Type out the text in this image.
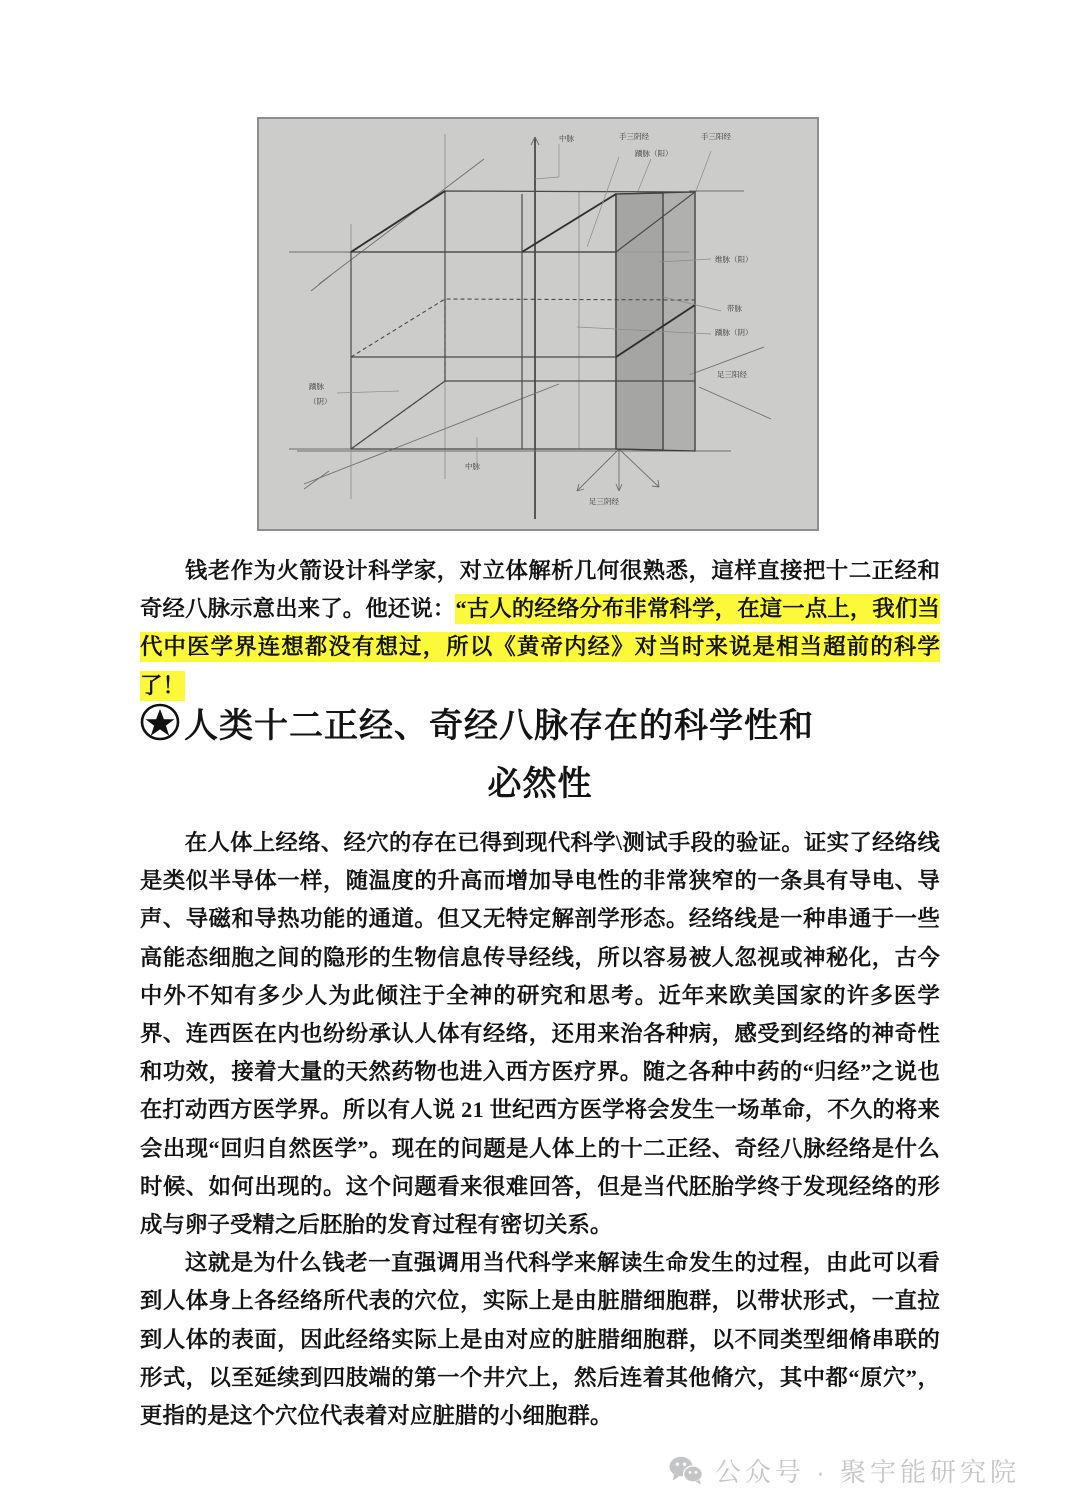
中脉	手三阴经
蹻脉（阳）
手三阳经
维脉（阳）
带脉
蹻脉（阴）
足三阳经
蹻脉
（阴）
中脉
足三阴经

钱老作为火箭设计科学家，对立体解析几何很熟悉，這样直接把十二正经和奇经八脉示意出来了。他还说：“古人的经络分布非常科学，在這一点上，我们当代中医学界连想都没有想过，所以《黄帝内经》对当时来说是相当超前的科学了！

人类十二正经、奇经八脉存在的科学性和
必然性

在人体上经络、经穴的存在已得到现代科学\测试手段的验证。证实了经络线是类似半导体一样，随温度的升高而增加导电性的非常狭窄的一条具有导电、导声、导磁和导热功能的通道。但又无特定解剖学形态。经络线是一种串通于一些高能态细胞之间的隐形的生物信息传导经线，所以容易被人忽视或神秘化，古今中外不知有多少人为此倾注于全神的研究和思考。近年来欧美国家的许多医学界、连西医在内也纷纷承认人体有经络，还用来治各种病，感受到经络的神奇性和功效，接着大量的天然药物也进入西方医疗界。随之各种中药的“归经”之说也在打动西方医学界。所以有人说 21 世纪西方医学将会发生一场革命，不久的将来会出现“回归自然医学”。现在的问题是人体上的十二正经、奇经八脉经络是什么时候、如何出现的。这个问题看来很难回答，但是当代胚胎学终于发现经络的形成与卵子受精之后胚胎的发育过程有密切关系。

这就是为什么钱老一直强调用当代科学来解读生命发生的过程，由此可以看到人体身上各经络所代表的穴位，实际上是由脏腊细胞群，以带状形式，一直拉到人体的表面，因此经络实际上是由对应的脏腊细胞群，以不同类型细脩串联的形式，以至延续到四肢端的第一个井穴上，然后连着其他脩穴，其中都“原穴”，更指的是这个穴位代表着对应脏腊的小细胞群。

公众号 · 聚宇能研究院
